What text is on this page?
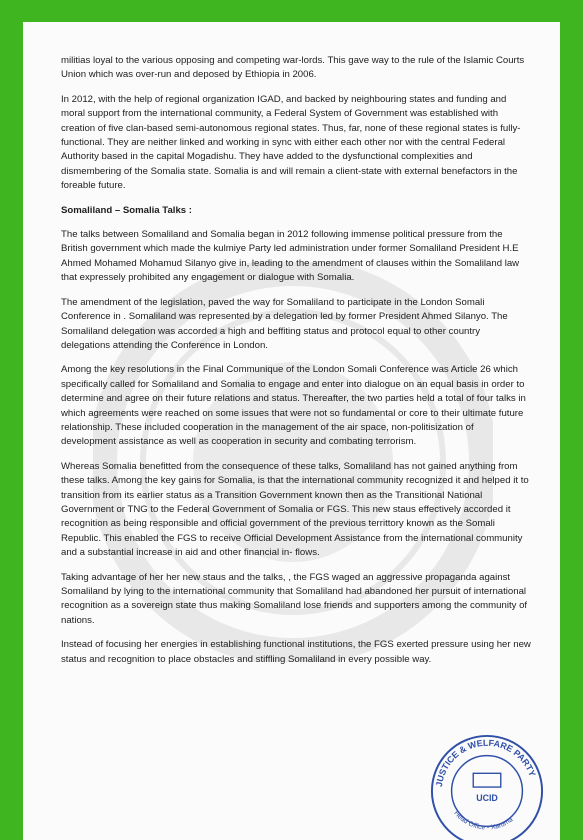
militias loyal to the various opposing and competing war-lords. This gave way to the rule of the Islamic Courts Union which was over-run and deposed by Ethiopia in 2006.

In 2012, with the help of regional organization IGAD, and backed by neighbouring states and funding and moral support from the international community, a Federal System of Government was established with creation of five clan-based semi-autonomous regional states. Thus, far, none of these regional states is fully-functional. They are neither linked and working in sync with either each other nor with the central Federal Authority based in the capital Mogadishu. They have added to the dysfunctional complexities and dismembering of the Somalia state. Somalia is and will remain a client-state with external benefactors in the foreable future.

Somaliland – Somalia Talks :

The talks between Somaliland and Somalia began in 2012 following immense political pressure from the British government which made the kulmiye Party led administration under former Somaliland President H.E Ahmed Mohamed Mohamud Silanyo give in, leading to the amendment of clauses within the Somaliland law that expressely prohibited any engagement or dialogue with Somalia.

The amendment of the legislation, paved the way for Somaliland to participate in the London Somali Conference in . Somaliland was represented by a delegation led by former President Ahmed Silanyo. The Somaliland delegation was accorded a high and beffiting status and protocol equal to other country delegations attending the Conference in London.

Among the key resolutions in the Final Communique of the London Somali Conference was Article 26 which specifically called for Somaliland and Somalia to engage and enter into dialogue on an equal basis in order to determine and agree on their future relations and status. Thereafter, the two parties held a total of four talks in which agreements were reached on some issues that were not so fundamental or core to their ultimate future relationship. These included cooperation in the management of the air space, non-politisization of development assistance as well as cooperation in security and combating terrorism.

Whereas Somalia benefitted from the consequence of these talks, Somaliland has not gained anything from these talks. Among the key gains for Somalia, is that the international community recognized it and helped it to transition from its earlier status as a Transition Government known then as the Transitional National Government or TNG to the Federal Government of Somalia or FGS. This new staus effectively accorded it recognition as being responsible and official government of the previous territtory known as the Somali Republic. This enabled the FGS to receive Official Development Assistance from the international community and a substantial increase in aid and other financial in- flows.

Taking advantage of her her new staus and the talks, , the FGS waged an aggressive propaganda against Somaliland by lying to the international community that Somaliland had abandoned her pursuit of international recognition as a sovereign state thus making Somaliland lose friends and supporters among the community of nations.

Instead of focusing her energies in establishing functional institutions, the FGS exerted pressure using her new status and recognition to place obstacles and stiffling Somaliland in every possible way.

JUSTICE & WELFARE PARTY
Head Office - Xaruma
UCID
